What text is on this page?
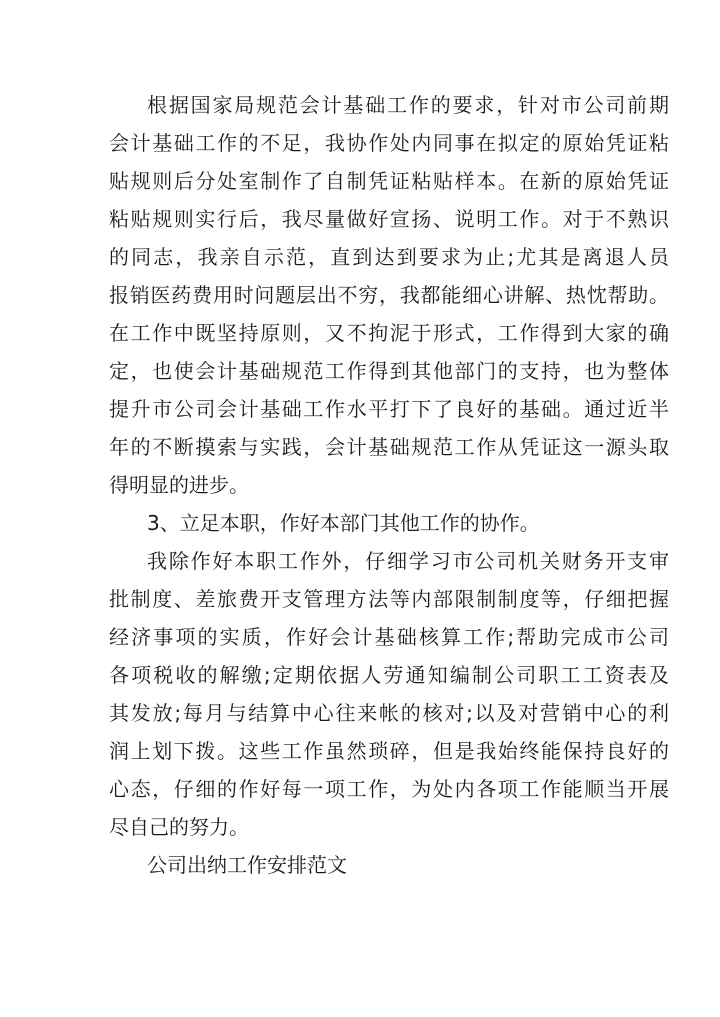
根据国家局规范会计基础工作的要求，针对市公司前期
会计基础工作的不足，我协作处内同事在拟定的原始凭证粘
贴规则后分处室制作了自制凭证粘贴样本。在新的原始凭证
粘贴规则实行后，我尽量做好宣扬、说明工作。对于不熟识
的同志，我亲自示范，直到达到要求为止;尤其是离退人员
报销医药费用时问题层出不穷，我都能细心讲解、热忱帮助。
在工作中既坚持原则，又不拘泥于形式，工作得到大家的确
定，也使会计基础规范工作得到其他部门的支持，也为整体
提升市公司会计基础工作水平打下了良好的基础。通过近半
年的不断摸索与实践，会计基础规范工作从凭证这一源头取
得明显的进步。
3、立足本职，作好本部门其他工作的协作。
我除作好本职工作外，仔细学习市公司机关财务开支审
批制度、差旅费开支管理方法等内部限制制度等，仔细把握
经济事项的实质，作好会计基础核算工作;帮助完成市公司
各项税收的解缴;定期依据人劳通知编制公司职工工资表及
其发放;每月与结算中心往来帐的核对;以及对营销中心的利
润上划下拨。这些工作虽然琐碎，但是我始终能保持良好的
心态，仔细的作好每一项工作，为处内各项工作能顺当开展
尽自己的努力。
公司出纳工作安排范文
